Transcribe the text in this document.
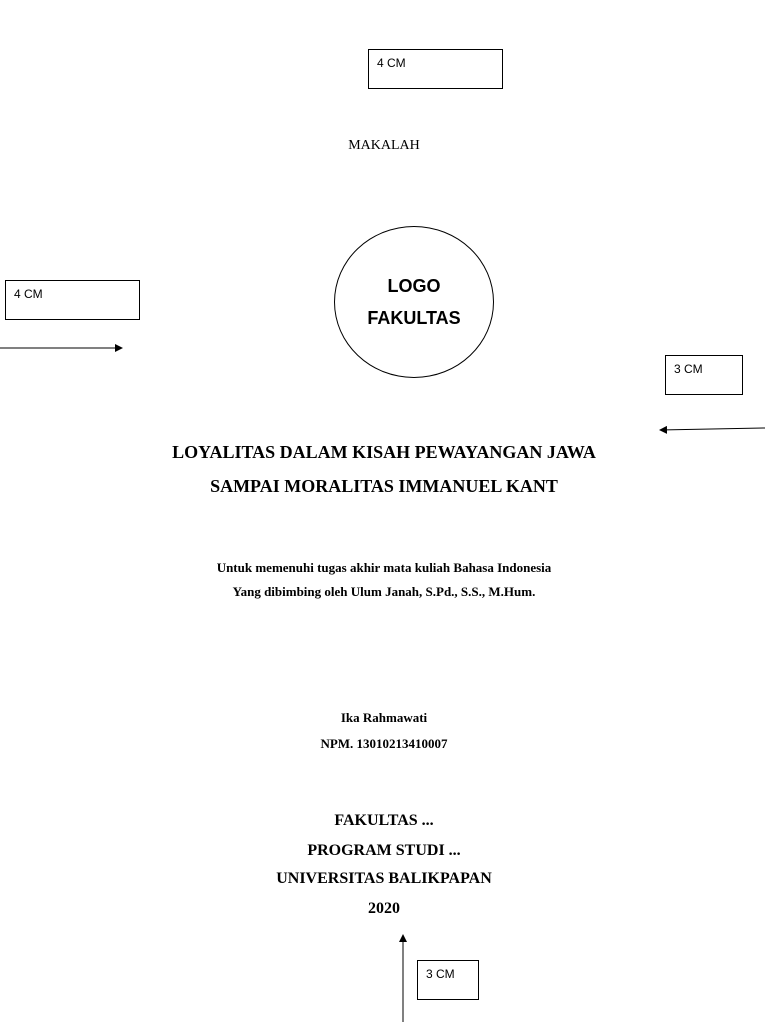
4 CM
MAKALAH
LOGO
FAKULTAS
4 CM
3 CM
LOYALITAS DALAM KISAH PEWAYANGAN JAWA
SAMPAI MORALITAS IMMANUEL KANT
Untuk memenuhi tugas akhir mata kuliah Bahasa Indonesia
Yang dibimbing oleh Ulum Janah, S.Pd., S.S., M.Hum.
Ika Rahmawati
NPM. 13010213410007
FAKULTAS ...
PROGRAM STUDI ...
UNIVERSITAS BALIKPAPAN
2020
3 CM
